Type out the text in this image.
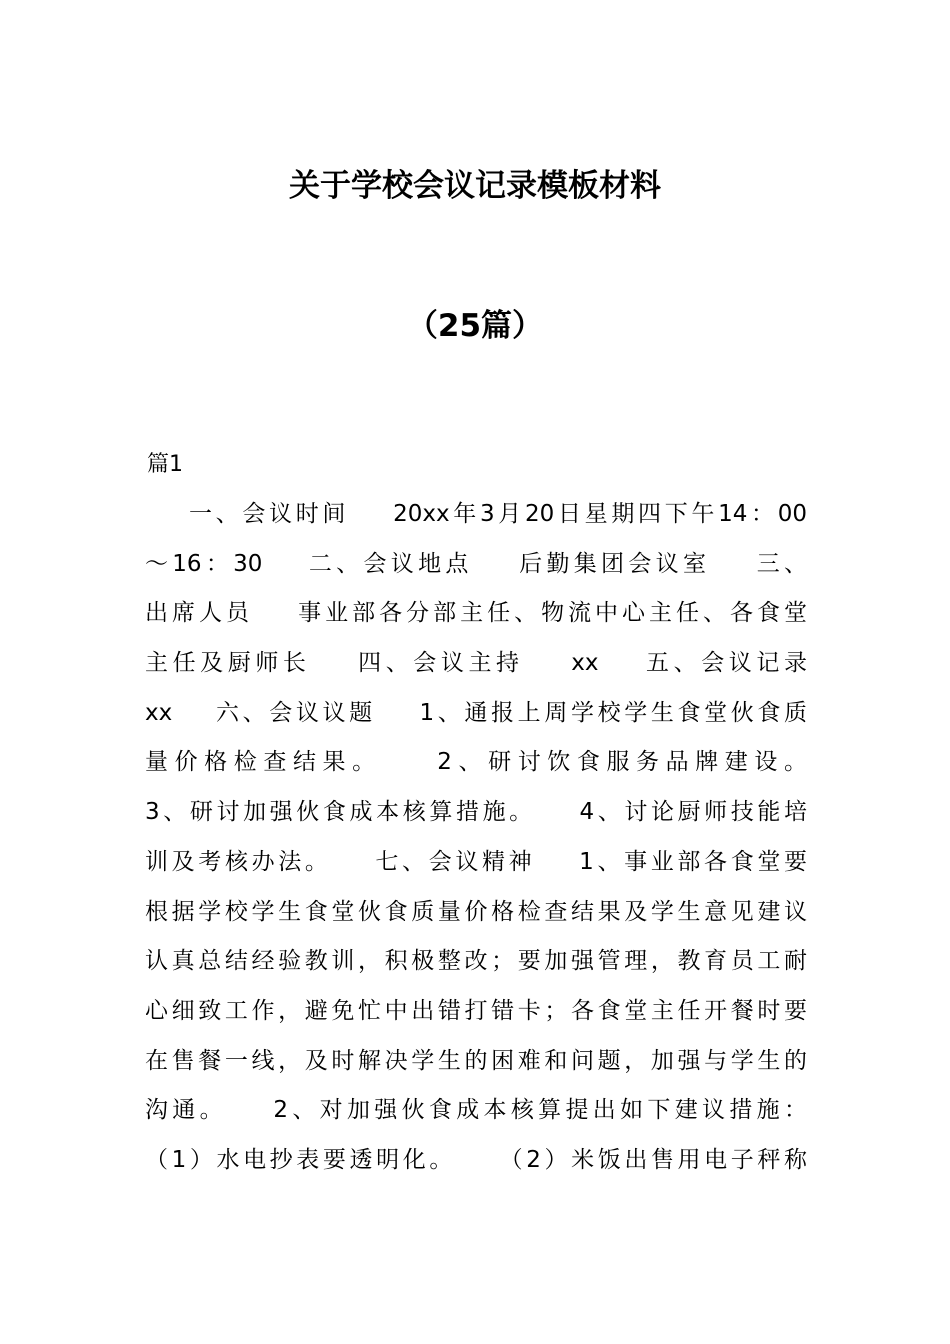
关于学校会议记录模板材料
（25篇）
篇1
一、会议时间    20xx年3月20日星期四下午14：00
～16：30    二、会议地点    后勤集团会议室    三、
出席人员    事业部各分部主任、物流中心主任、各食堂
主任及厨师长    四、会议主持    xx    五、会议记录
xx    六、会议议题    1、通报上周学校学生食堂伙食质
量价格检查结果。    2、研讨饮食服务品牌建设。
3、研讨加强伙食成本核算措施。    4、讨论厨师技能培
训及考核办法。    七、会议精神    1、事业部各食堂要
根据学校学生食堂伙食质量价格检查结果及学生意见建议
认真总结经验教训，积极整改；要加强管理，教育员工耐
心细致工作，避免忙中出错打错卡；各食堂主任开餐时要
在售餐一线，及时解决学生的困难和问题，加强与学生的
沟通。    2、对加强伙食成本核算提出如下建议措施：
（1）水电抄表要透明化。    （2）米饭出售用电子秤称
